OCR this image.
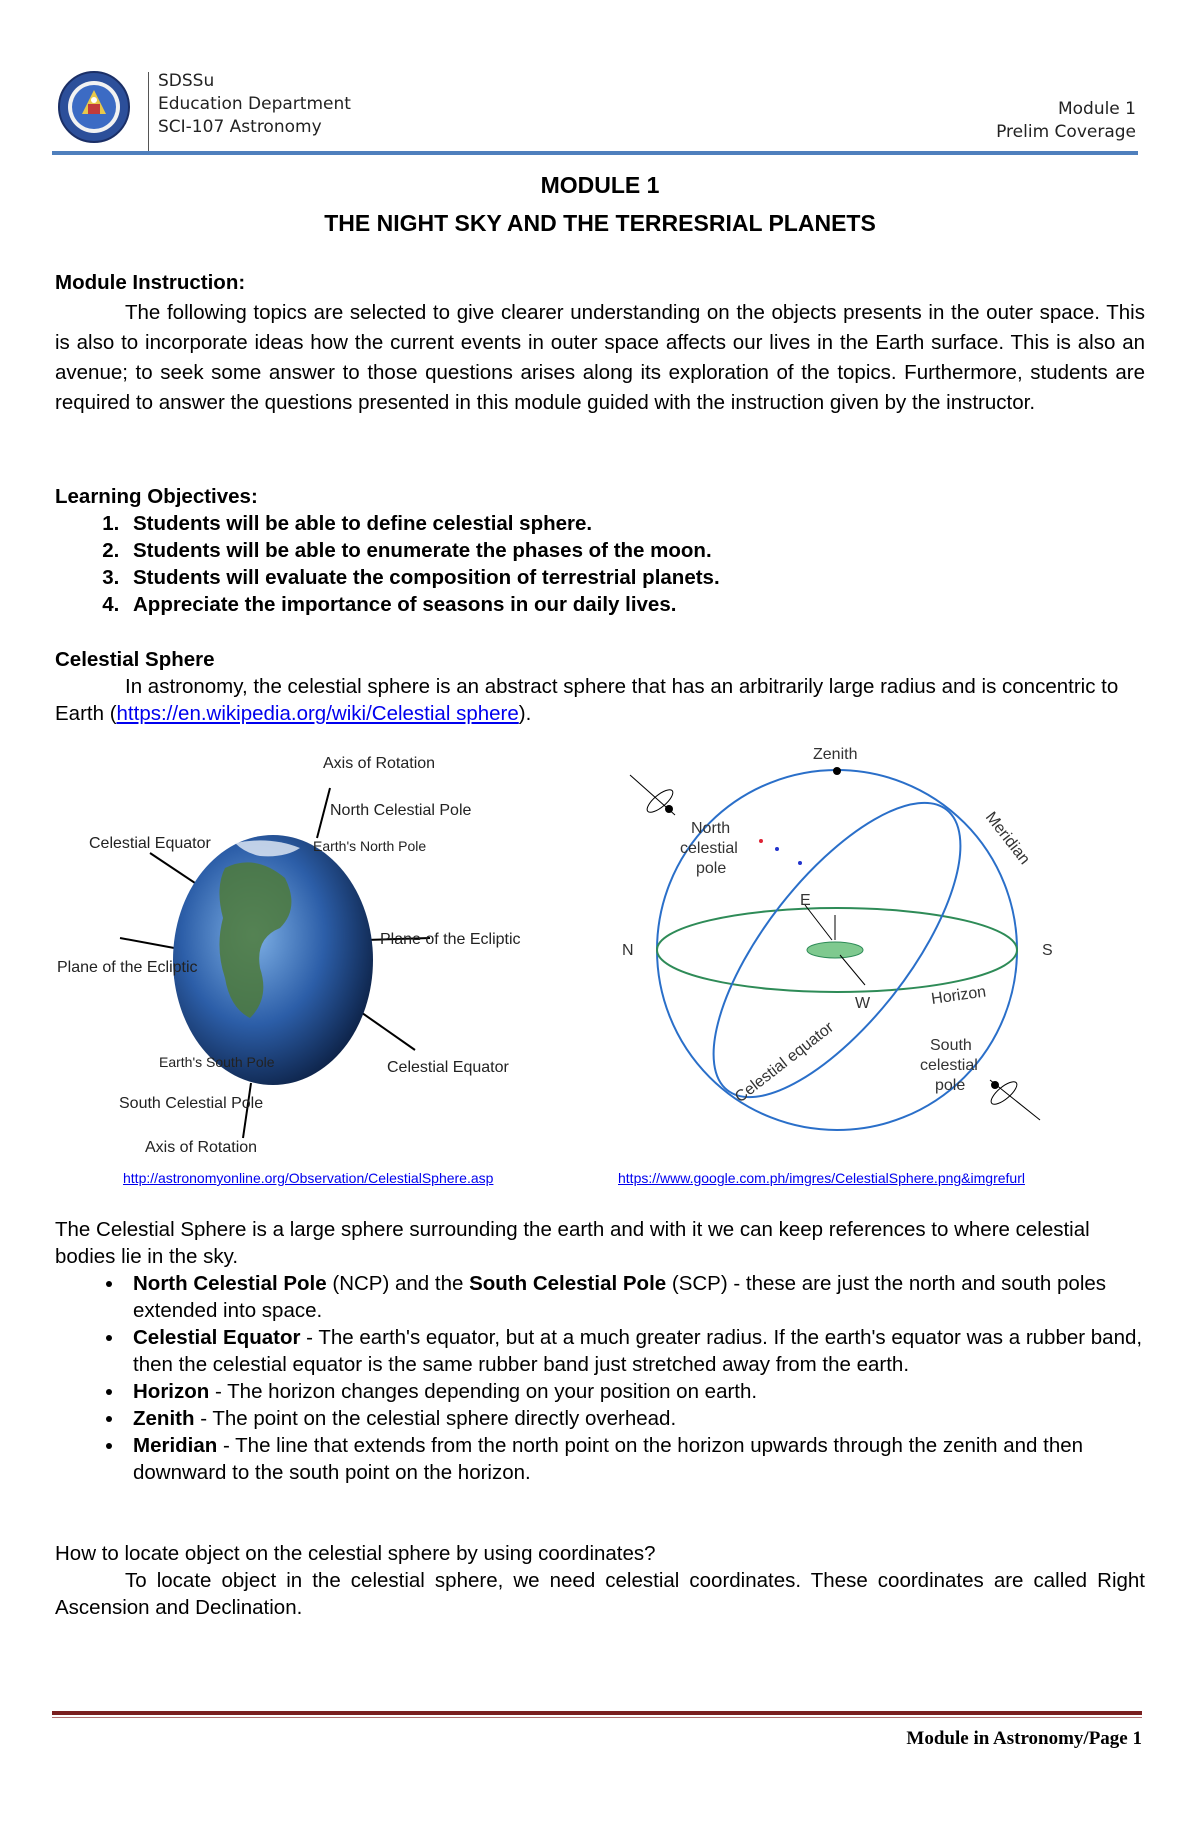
SDSSu
Education Department
SCI-107 Astronomy
Module 1
Prelim Coverage
MODULE 1
THE NIGHT SKY AND THE TERRESRIAL PLANETS
Module Instruction:
The following topics are selected to give clearer understanding on the objects presents in the outer space. This is also to incorporate ideas how the current events in outer space affects our lives in the Earth surface. This is also an avenue; to seek some answer to those questions arises along its exploration of the topics. Furthermore, students are required to answer the questions presented in this module guided with the instruction given by the instructor.
Learning Objectives:
1. Students will be able to define celestial sphere.
2. Students will be able to enumerate the phases of the moon.
3. Students will evaluate the composition of terrestrial planets.
4. Appreciate the importance of seasons in our daily lives.
Celestial Sphere
In astronomy, the celestial sphere is an abstract sphere that has an arbitrarily large radius and is concentric to Earth (https://en.wikipedia.org/wiki/Celestial sphere).
Axis of Rotation
North Celestial Pole
Earth's North Pole
Celestial Equator
Plane of the Ecliptic
Plane of the Ecliptic
Earth's South Pole	Celestial Equator
South Celestial Pole
Axis of Rotation
Zenith
Meridian
North
celestial
pole
E
N	S
W	Horizon
South
celestial
pole
Celestial equator
http://astronomyonline.org/Observation/CelestialSphere.asp	https://www.google.com.ph/imgres/CelestialSphere.png&imgrefurl
The Celestial Sphere is a large sphere surrounding the earth and with it we can keep references to where celestial bodies lie in the sky.
• North Celestial Pole (NCP) and the South Celestial Pole (SCP) - these are just the north and south poles extended into space.
• Celestial Equator - The earth's equator, but at a much greater radius. If the earth's equator was a rubber band, then the celestial equator is the same rubber band just stretched away from the earth.
• Horizon - The horizon changes depending on your position on earth.
• Zenith - The point on the celestial sphere directly overhead.
• Meridian - The line that extends from the north point on the horizon upwards through the zenith and then downward to the south point on the horizon.
How to locate object on the celestial sphere by using coordinates?
To locate object in the celestial sphere, we need celestial coordinates. These coordinates are called Right Ascension and Declination.
Module in Astronomy/Page 1
